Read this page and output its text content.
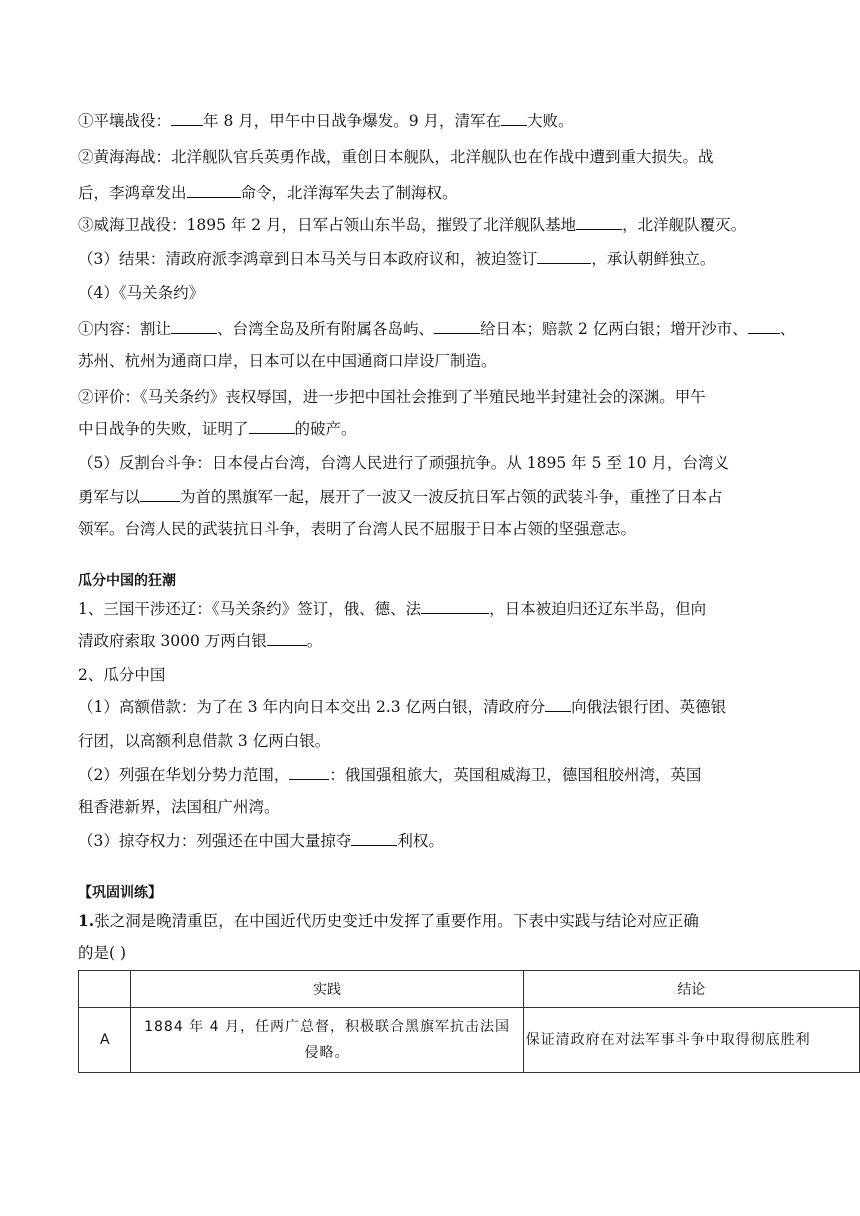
①平壤战役： 年 8 月，甲午中日战争爆发。9 月，清军在 大败。
②黄海海战：北洋舰队官兵英勇作战，重创日本舰队，北洋舰队也在作战中遭到重大损失。战
后，李鸿章发出	命令，北洋海军失去了制海权。
③威海卫战役：1895 年 2 月，日军占领山东半岛，摧毁了北洋舰队基地	，北洋舰队覆灭。
（3）结果：清政府派李鸿章到日本马关与日本政府议和，被迫签订	，承认朝鲜独立。
（4）《马关条约》
①内容：割让	、台湾全岛及所有附属各岛屿、	给日本；赔款 2 亿两白银；增开沙市、 、
苏州、杭州为通商口岸，日本可以在中国通商口岸设厂制造。
②评价：《马关条约》丧权辱国，进一步把中国社会推到了半殖民地半封建社会的深渊。甲午
中日战争的失败，证明了	的破产。
（5）反割台斗争：日本侵占台湾，台湾人民进行了顽强抗争。从 1895 年 5 至 10 月，台湾义
勇军与以	为首的黑旗军一起，展开了一波又一波反抗日军占领的武装斗争，重挫了日本占
领军。台湾人民的武装抗日斗争，表明了台湾人民不屈服于日本占领的坚强意志。
瓜分中国的狂潮
1、三国干涉还辽：《马关条约》签订，俄、德、法	，日本被迫归还辽东半岛，但向
清政府索取 3000 万两白银	。
2、瓜分中国
（1）高额借款：为了在 3 年内向日本交出 2.3 亿两白银，清政府分 向俄法银行团、英德银
行团，以高额利息借款 3 亿两白银。
（2）列强在华划分势力范围，	：俄国强租旅大，英国租威海卫，德国租胶州湾，英国
租香港新界，法国租广州湾。
（3）掠夺权力：列强还在中国大量掠夺	利权。
【巩固训练】
1.张之洞是晚清重臣，在中国近代历史变迁中发挥了重要作用。下表中实践与结论对应正确
的是( )
	实践	结论
A	1884 年 4 月，任两广总督，积极联合黑旗军抗击法国
侵略。	保证清政府在对法军事斗争中取得彻底胜利
